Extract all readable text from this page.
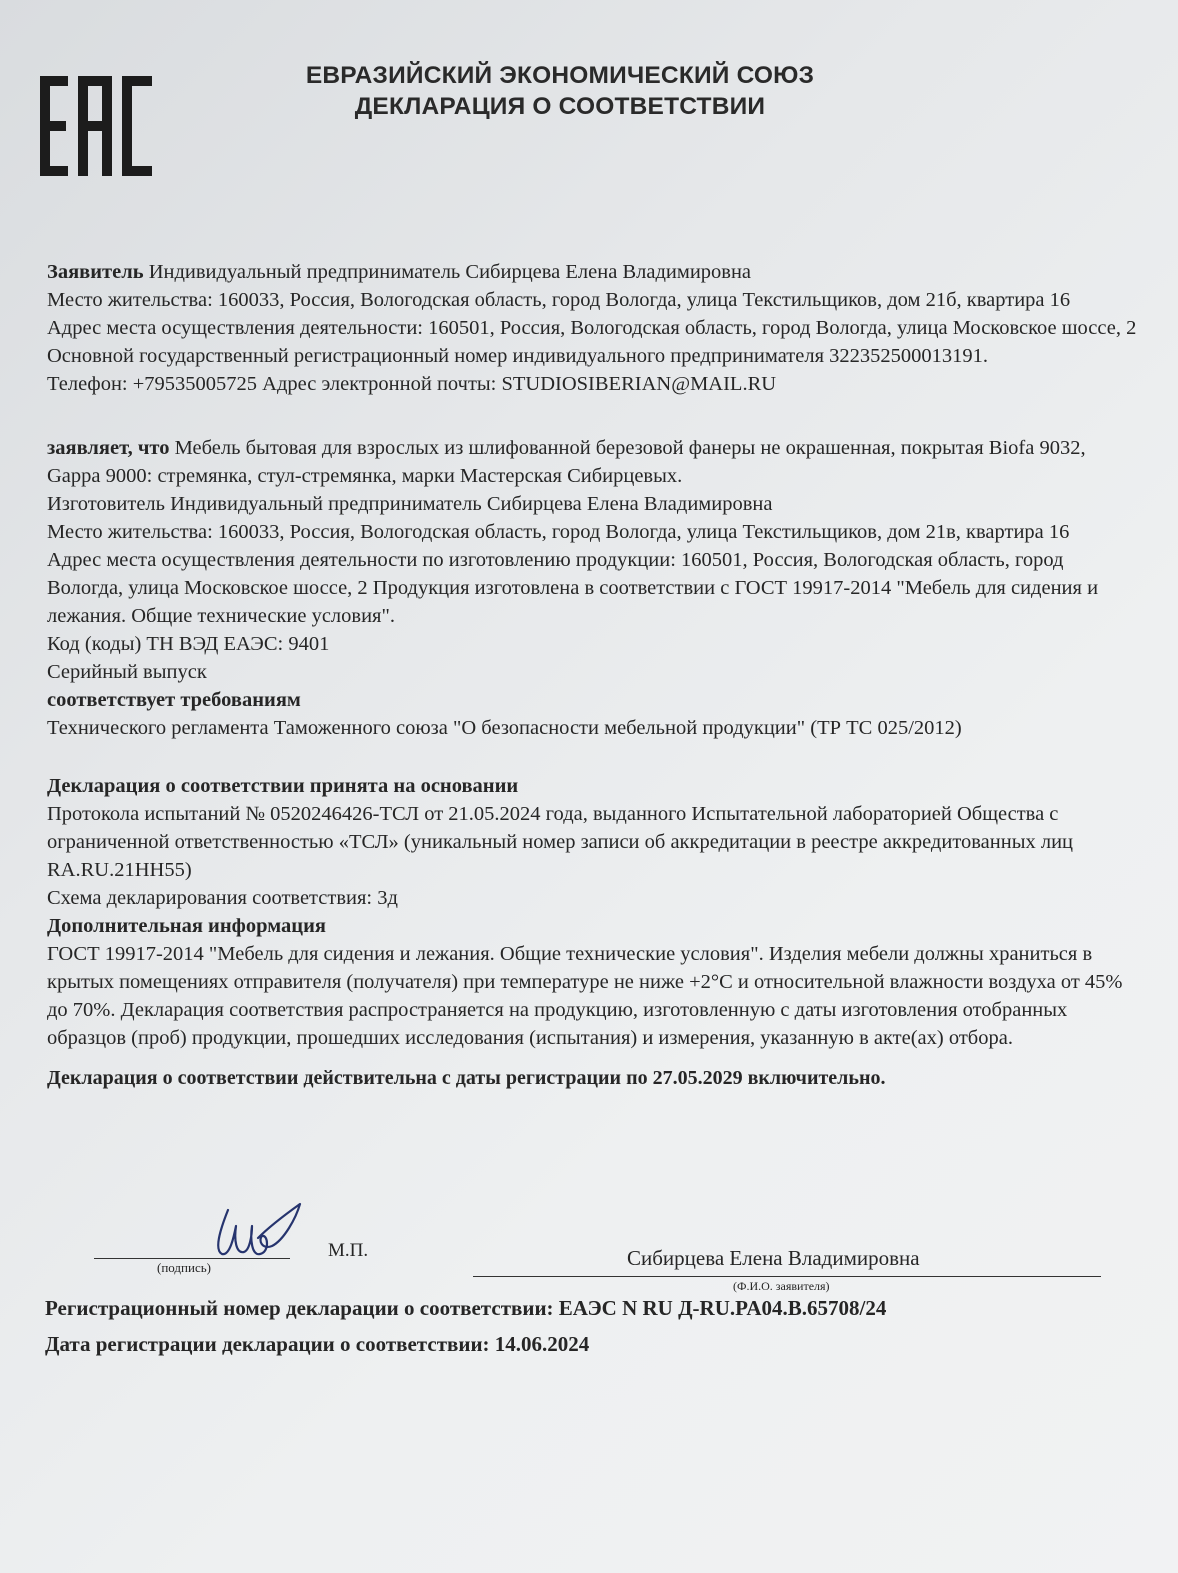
ЕВРАЗИЙСКИЙ ЭКОНОМИЧЕСКИЙ СОЮЗ
ДЕКЛАРАЦИЯ О СООТВЕТСТВИИ

Заявитель Индивидуальный предприниматель Сибирцева Елена Владимировна

Место жительства: 160033, Россия, Вологодская область, город Вологда, улица Текстильщиков, дом 21б, квартира 16

Адрес места осуществления деятельности: 160501, Россия, Вологодская область, город Вологда, улица Московское шоссе, 2

Основной государственный регистрационный номер индивидуального предпринимателя 322352500013191.

Телефон: +79535005725 Адрес электронной почты: STUDIOSIBERIAN@MAIL.RU

заявляет, что Мебель бытовая для взрослых из шлифованной березовой фанеры не окрашенная, покрытая Biofa 9032, Gappa 9000: стремянка, стул-стремянка, марки Мастерская Сибирцевых.

Изготовитель Индивидуальный предприниматель Сибирцева Елена Владимировна

Место жительства: 160033, Россия, Вологодская область, город Вологда, улица Текстильщиков, дом 21в, квартира 16

Адрес места осуществления деятельности по изготовлению продукции: 160501, Россия, Вологодская область, город Вологда, улица Московское шоссе, 2 Продукция изготовлена в соответствии с ГОСТ 19917-2014 "Мебель для сидения и лежания. Общие технические условия".

Код (коды) ТН ВЭД ЕАЭС: 9401

Серийный выпуск

соответствует требованиям

Технического регламента Таможенного союза "О безопасности мебельной продукции" (ТР ТС 025/2012)

Декларация о соответствии принята на основании

Протокола испытаний № 0520246426-ТСЛ от 21.05.2024 года, выданного Испытательной лабораторией Общества с ограниченной ответственностью «ТСЛ» (уникальный номер записи об аккредитации в реестре аккредитованных лиц RA.RU.21HH55)

Схема декларирования соответствия: 3д

Дополнительная информация

ГОСТ 19917-2014 "Мебель для сидения и лежания. Общие технические условия". Изделия мебели должны храниться в крытых помещениях отправителя (получателя) при температуре не ниже +2°С и относительной влажности воздуха от 45% до 70%. Декларация соответствия распространяется на продукцию, изготовленную с даты изготовления отобранных образцов (проб) продукции, прошедших исследования (испытания) и измерения, указанную в акте(ах) отбора.

Декларация о соответствии действительна с даты регистрации по 27.05.2029 включительно.

(подпись)
М.П.	Сибирцева Елена Владимировна
(Ф.И.О. заявителя)
Регистрационный номер декларации о соответствии: ЕАЭС N RU Д-RU.PA04.B.65708/24
Дата регистрации декларации о соответствии: 14.06.2024
